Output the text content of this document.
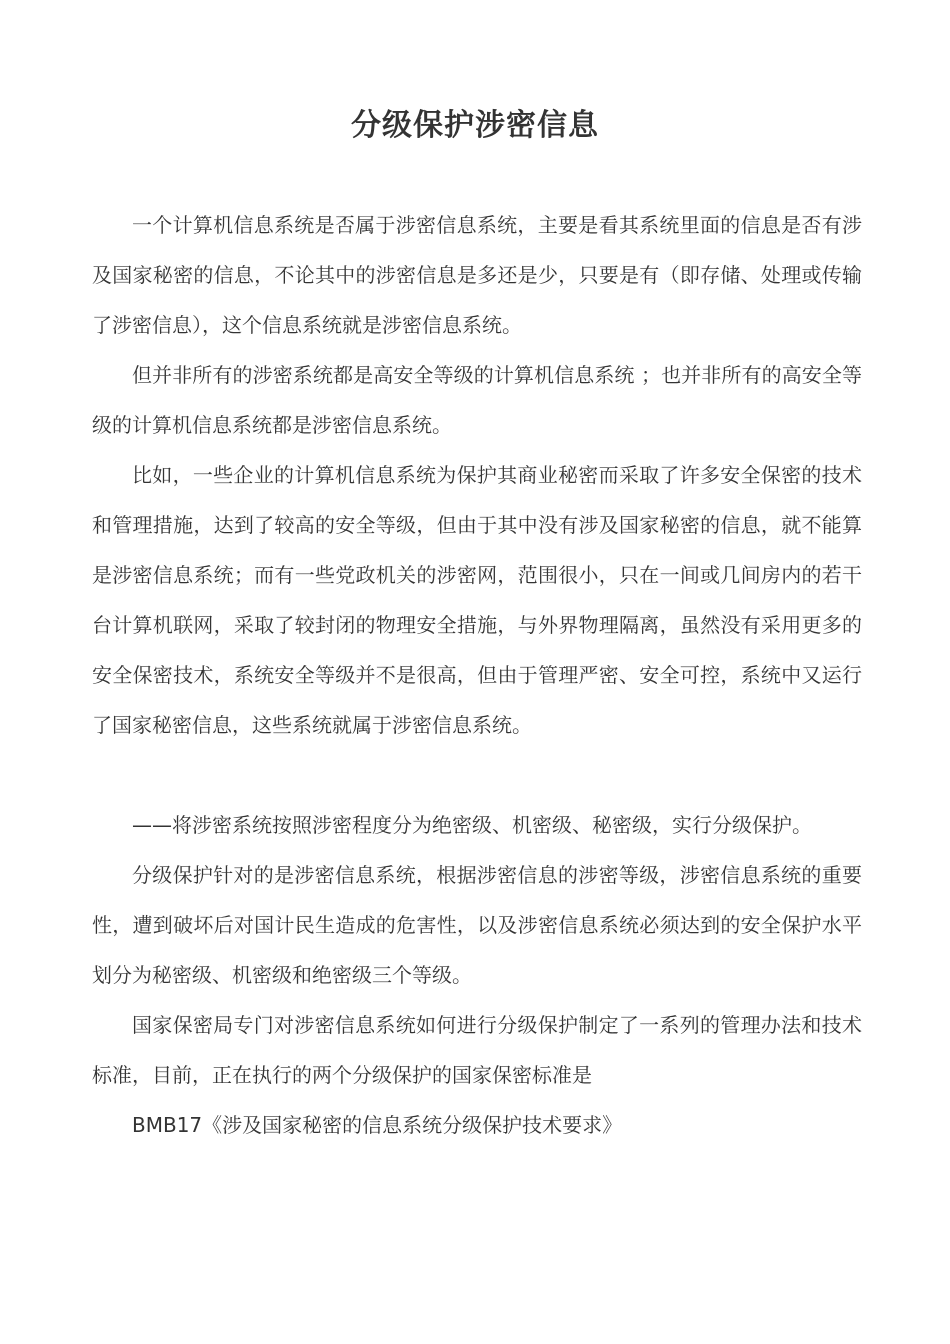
分级保护涉密信息

一个计算机信息系统是否属于涉密信息系统，主要是看其系统里面的信息是否有涉及国家秘密的信息，不论其中的涉密信息是多还是少，只要是有（即存储、处理或传输了涉密信息），这个信息系统就是涉密信息系统。

但并非所有的涉密系统都是高安全等级的计算机信息系统 ；也并非所有的高安全等级的计算机信息系统都是涉密信息系统。

比如，一些企业的计算机信息系统为保护其商业秘密而采取了许多安全保密的技术和管理措施，达到了较高的安全等级，但由于其中没有涉及国家秘密的信息，就不能算是涉密信息系统；而有一些党政机关的涉密网，范围很小，只在一间或几间房内的若干台计算机联网，采取了较封闭的物理安全措施，与外界物理隔离，虽然没有采用更多的安全保密技术，系统安全等级并不是很高，但由于管理严密、安全可控，系统中又运行了国家秘密信息，这些系统就属于涉密信息系统。

——将涉密系统按照涉密程度分为绝密级、机密级、秘密级，实行分级保护。

分级保护针对的是涉密信息系统，根据涉密信息的涉密等级，涉密信息系统的重要性，遭到破坏后对国计民生造成的危害性，以及涉密信息系统必须达到的安全保护水平划分为秘密级、机密级和绝密级三个等级。

国家保密局专门对涉密信息系统如何进行分级保护制定了一系列的管理办法和技术标准，目前，正在执行的两个分级保护的国家保密标准是

BMB17《涉及国家秘密的信息系统分级保护技术要求》
